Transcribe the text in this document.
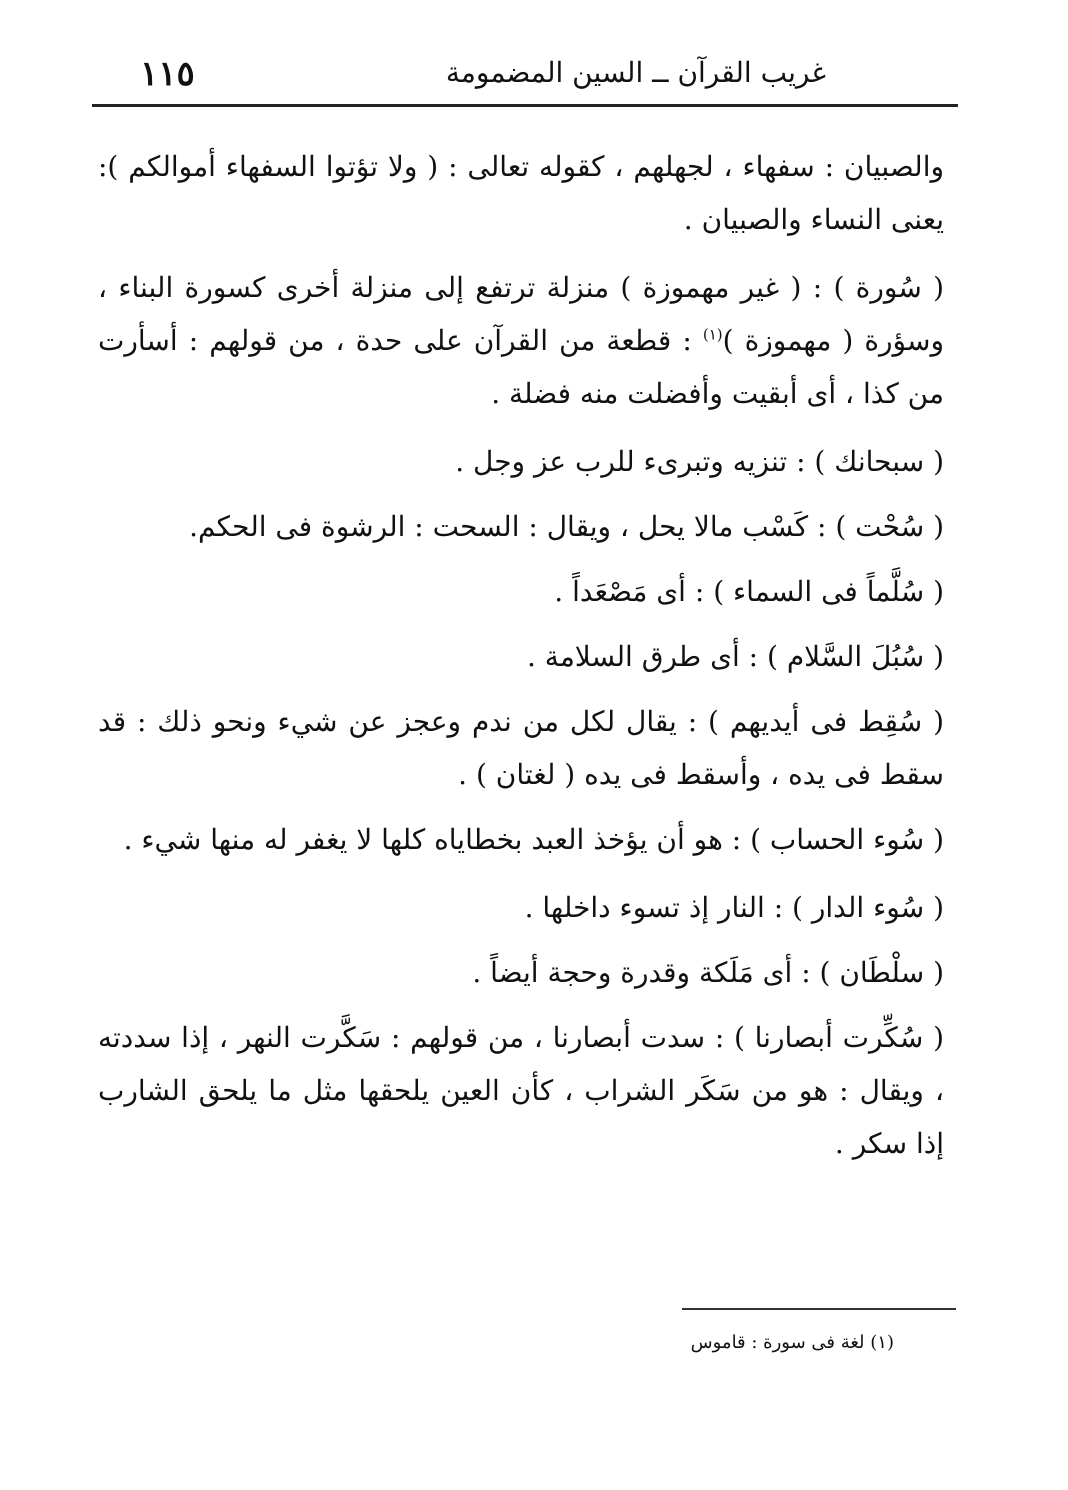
١١٥	غريب القرآن ــ السين المضمومة

والصبيان : سفهاء ، لجهلهم ، كقوله تعالى : ( ولا تؤتوا السفهاء أموالكم ): يعنى النساء والصبيان .

( سُورة ) : ( غير مهموزة ) منزلة ترتفع إلى منزلة أخرى كسورة البناء ، وسؤرة ( مهموزة )$^{(١)}$ : قطعة من القرآن على حدة ، من قولهم : أسأرت من كذا ، أى أبقيت وأفضلت منه فضلة .

( سبحانك ) : تنزيه وتبرىء للرب عز وجل .

( سُحْت ) : كَسْب مالا يحل ، ويقال : السحت : الرشوة فى الحكم.

( سُلَّماً فى السماء ) : أى مَصْعَداً .

( سُبُلَ السَّلام ) : أى طرق السلامة .

( سُقِط فى أيديهم ) : يقال لكل من ندم وعجز عن شيء ونحو ذلك : قد سقط فى يده ، وأسقط فى يده ( لغتان ) .

( سُوء الحساب ) : هو أن يؤخذ العبد بخطاياه كلها لا يغفر له منها شيء .

( سُوء الدار ) : النار إذ تسوء داخلها .

( سلْطَان ) : أى مَلَكة وقدرة وحجة أيضاً .

( سُكِّرت أبصارنا ) : سدت أبصارنا ، من قولهم : سَكَّرت النهر ، إذا سددته ، ويقال : هو من سَكَر الشراب ، كأن العين يلحقها مثل ما يلحق الشارب إذا سكر .

(١) لغة فى سورة : قاموس
